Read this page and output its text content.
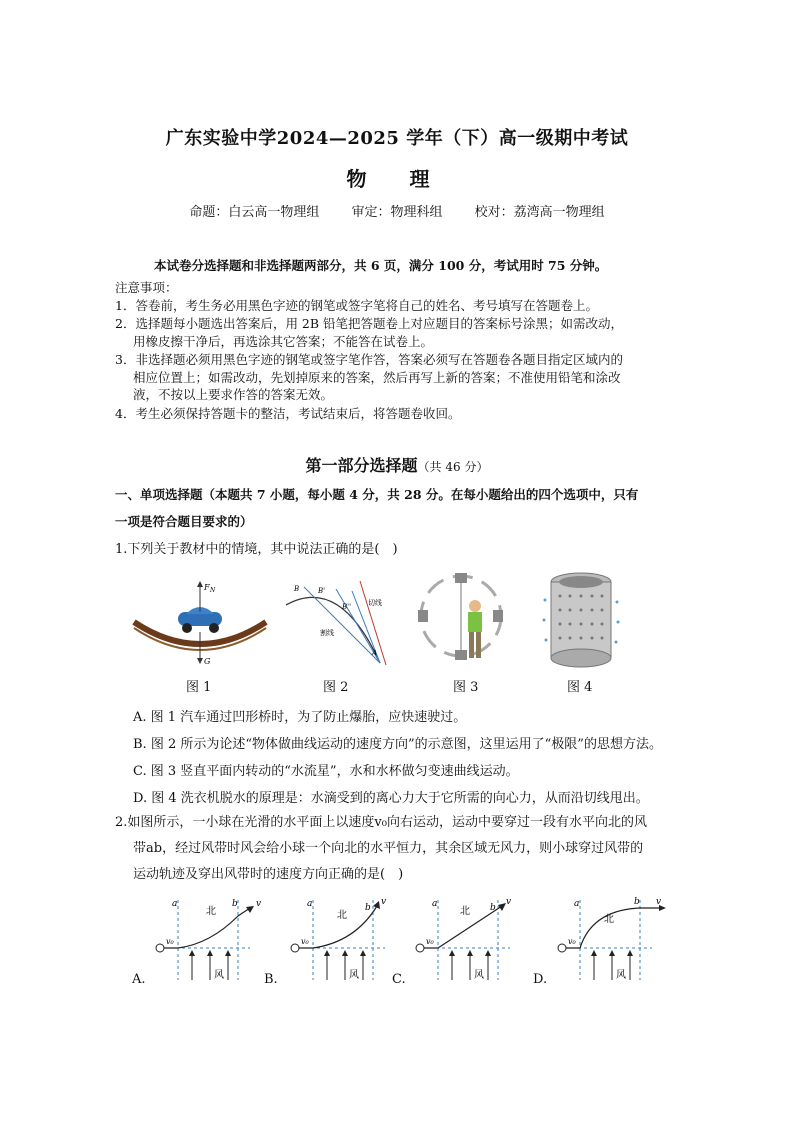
广东实验中学2024—2025 学年（下）高一级期中考试
物 理
命题：白云高一物理组 审定：物理科组 校对：荔湾高一物理组
本试卷分选择题和非选择题两部分，共 6 页，满分 100 分，考试用时 75 分钟。
注意事项：
1．答卷前，考生务必用黑色字迹的钢笔或签字笔将自己的姓名、考号填写在答题卷上。
2．选择题每小题选出答案后，用 2B 铅笔把答题卷上对应题目的答案标号涂黑；如需改动，
用橡皮擦干净后，再选涂其它答案；不能答在试卷上。
3．非选择题必须用黑色字迹的钢笔或签字笔作答，答案必须写在答题卷各题目指定区域内的
相应位置上；如需改动，先划掉原来的答案，然后再写上新的答案；不准使用铅笔和涂改
液，不按以上要求作答的答案无效。
4．考生必须保持答题卡的整洁，考试结束后，将答题卷收回。
第一部分选择题（共 46 分）
一、单项选择题（本题共 7 小题，每小题 4 分，共 28 分。在每小题给出的四个选项中，只有
一项是符合题目要求的）
1.下列关于教材中的情境，其中说法正确的是(　)
F N
G
B	B'
B'' 切线
割线
A
图 1	图 2	图 3	图 4
A. 图 1 汽车通过凹形桥时，为了防止爆胎，应快速驶过。
B. 图 2 所示为论述“物体做曲线运动的速度方向”的示意图，这里运用了“极限”的思想方法。
C. 图 3 竖直平面内转动的“水流星”，水和水杯做匀变速曲线运动。
D. 图 4 洗衣机脱水的原理是：水滴受到的离心力大于它所需的向心力，从而沿切线甩出。
2.如图所示，一小球在光滑的水平面上以速度v₀向右运动，运动中要穿过一段有水平向北的风
带ab，经过风带时风会给小球一个向北的水平恒力，其余区域无风力，则小球穿过风带的
运动轨迹及穿出风带时的速度方向正确的是(　)
a	b
北
风
v
v₀
a	b
北
风
v
v₀
a	b
北
风
v
v₀
a	b
北
风
v
v₀
A.	B.	C.	D.
